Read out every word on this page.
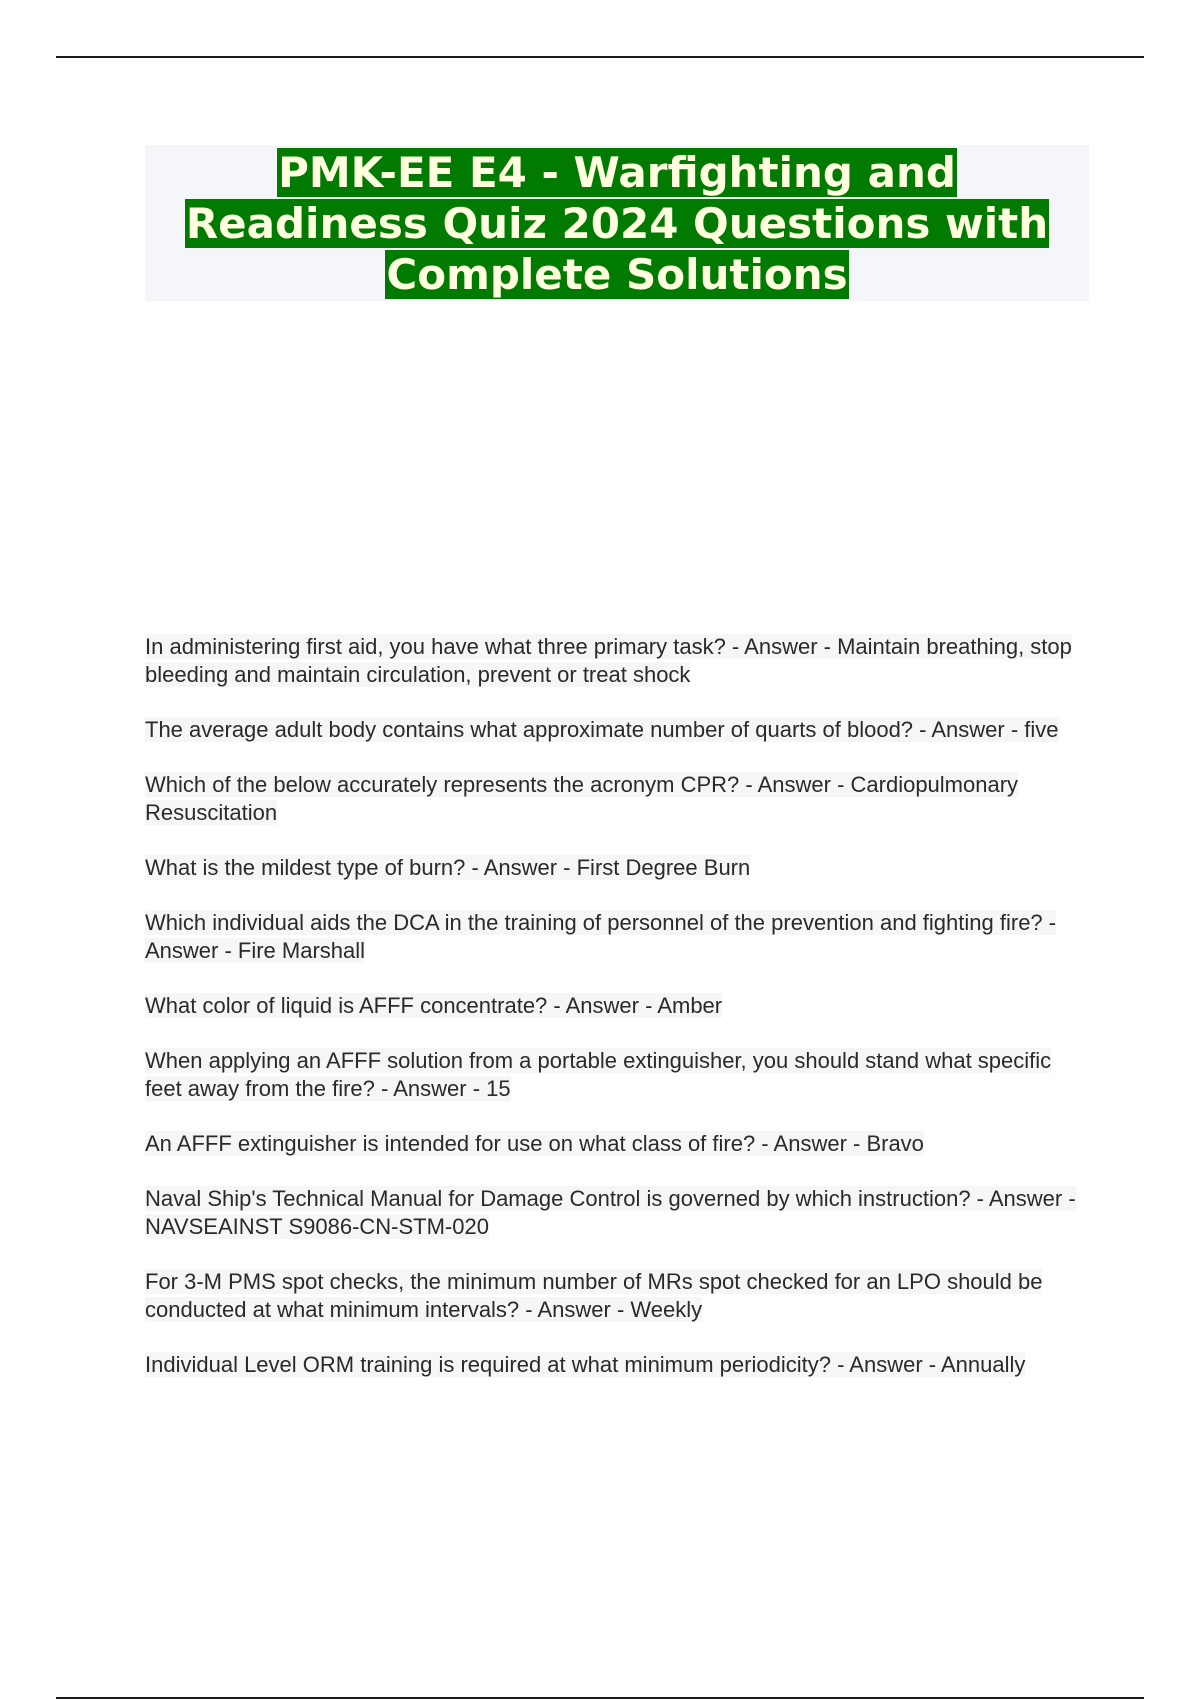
PMK-EE E4 - Warfighting and
Readiness Quiz 2024 Questions with
Complete Solutions
In administering first aid, you have what three primary task? - Answer - Maintain breathing, stop bleeding and maintain circulation, prevent or treat shock
The average adult body contains what approximate number of quarts of blood? - Answer - five
Which of the below accurately represents the acronym CPR? - Answer - Cardiopulmonary Resuscitation
What is the mildest type of burn? - Answer - First Degree Burn
Which individual aids the DCA in the training of personnel of the prevention and fighting fire? - Answer - Fire Marshall
What color of liquid is AFFF concentrate? - Answer - Amber
When applying an AFFF solution from a portable extinguisher, you should stand what specific feet away from the fire? - Answer - 15
An AFFF extinguisher is intended for use on what class of fire? - Answer - Bravo
Naval Ship's Technical Manual for Damage Control is governed by which instruction? - Answer - NAVSEAINST S9086-CN-STM-020
For 3-M PMS spot checks, the minimum number of MRs spot checked for an LPO should be conducted at what minimum intervals? - Answer - Weekly
Individual Level ORM training is required at what minimum periodicity? - Answer - Annually
